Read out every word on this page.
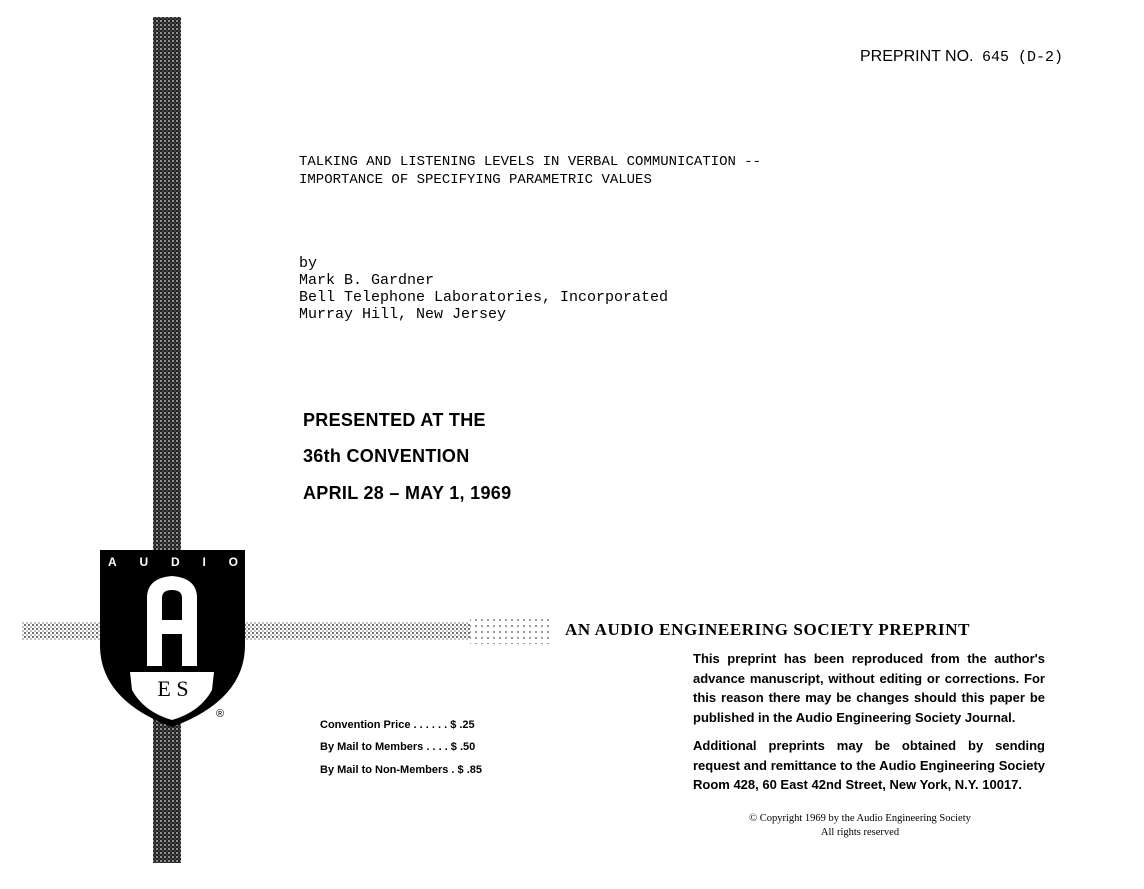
A U D I O
E S
®
PREPRINT NO. 645 (D-2)
TALKING AND LISTENING LEVELS IN VERBAL COMMUNICATION --
IMPORTANCE OF SPECIFYING PARAMETRIC VALUES
by
Mark B. Gardner
Bell Telephone Laboratories, Incorporated
Murray Hill, New Jersey
PRESENTED AT THE
36th CONVENTION
APRIL 28 – MAY 1, 1969
AN AUDIO ENGINEERING SOCIETY PREPRINT
This preprint has been reproduced from the author's advance manuscript, without editing or corrections. For this reason there may be changes should this paper be published in the Audio Engineering Society Journal.
Additional preprints may be obtained by sending request and remittance to the Audio Engineering Society Room 428, 60 East 42nd Street, New York, N.Y. 10017.
Convention Price . . . . . . $ .25
By Mail to Members . . . . $ .50
By Mail to Non-Members . $ .85
© Copyright 1969 by the Audio Engineering Society
All rights reserved
